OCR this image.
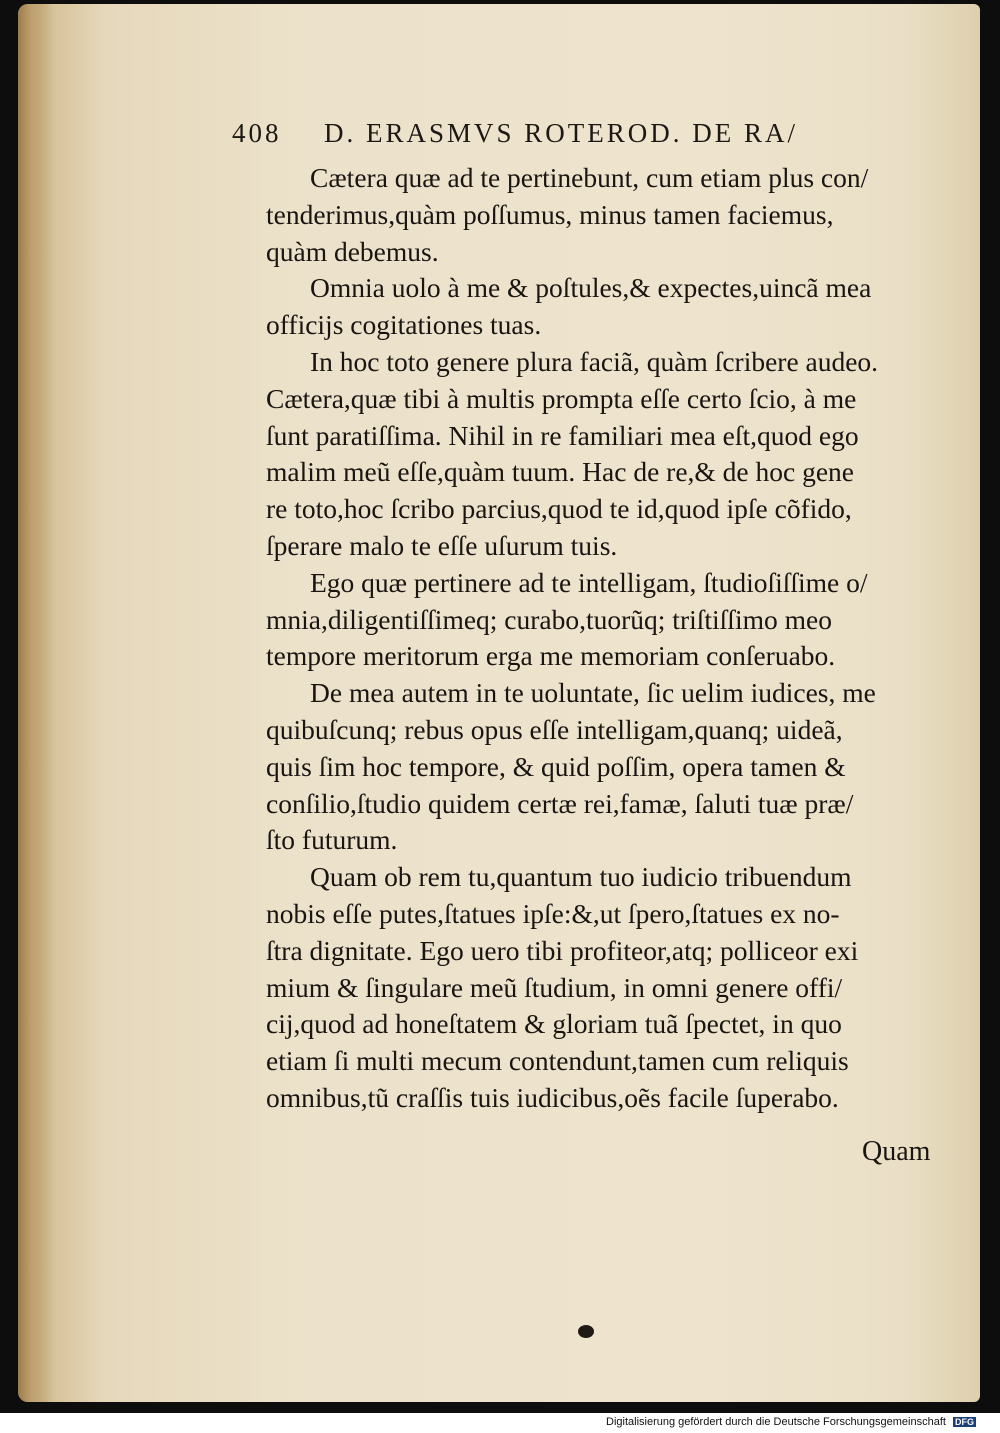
408 D. ERASMVS ROTEROD. DE RA/
Cætera quæ ad te pertinebunt, cum etiam plus con/
tenderimus,quàm poſſumus, minus tamen faciemus,
quàm debemus.
Omnia uolo à me & poſtules,& expectes,uincã mea
officijs cogitationes tuas.
In hoc toto genere plura faciã, quàm ſcribere audeo.
Cætera,quæ tibi à multis prompta eſſe certo ſcio, à me
ſunt paratiſſima. Nihil in re familiari mea eſt,quod ego
malim meũ eſſe,quàm tuum. Hac de re,& de hoc gene
re toto,hoc ſcribo parcius,quod te id,quod ipſe cõfido,
ſperare malo te eſſe uſurum tuis.
Ego quæ pertinere ad te intelligam, ſtudioſiſſime o/
mnia,diligentiſſimeq; curabo,tuorũq; triſtiſſimo meo
tempore meritorum erga me memoriam conſeruabo.
De mea autem in te uoluntate, ſic uelim iudices, me
quibuſcunq; rebus opus eſſe intelligam,quanq; uideã,
quis ſim hoc tempore, & quid poſſim, opera tamen &
conſilio,ſtudio quidem certæ rei,famæ, ſaluti tuæ præ/
ſto futurum.
Quam ob rem tu,quantum tuo iudicio tribuendum
nobis eſſe putes,ſtatues ipſe:&,ut ſpero,ſtatues ex no-
ſtra dignitate. Ego uero tibi profiteor,atq; polliceor exi
mium & ſingulare meũ ſtudium, in omni genere offi/
cij,quod ad honeſtatem & gloriam tuã ſpectet, in quo
etiam ſi multi mecum contendunt,tamen cum reliquis
omnibus,tũ craſſis tuis iudicibus,oẽs facile ſuperabo.
Quam
Digitalisierung gefördert durch die Deutsche Forschungsgemeinschaft DFG
